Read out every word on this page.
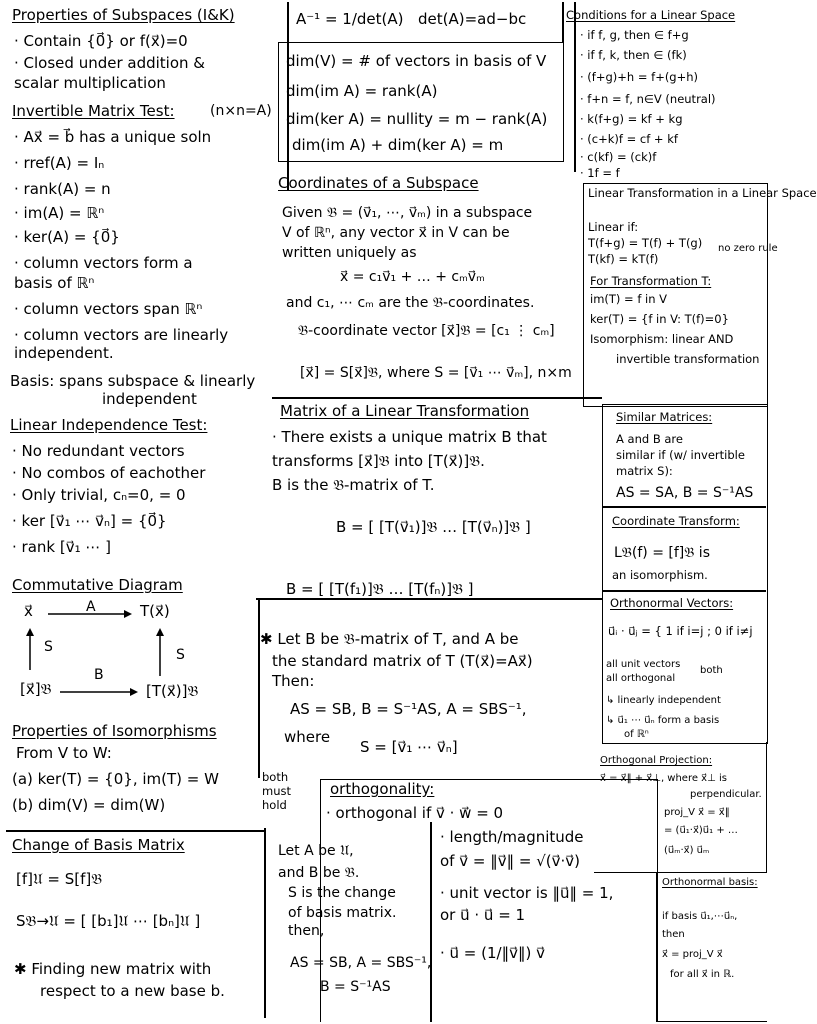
Properties of Subspaces (I&K)
· Contain {0⃗} or f(x⃗)=0
· Closed under addition &
scalar multiplication
A⁻¹ = 1/det(A) det(A)=ad−bc
dim(V) = # of vectors in basis of V
dim(im A) = rank(A)
dim(ker A) = nullity = m − rank(A)
dim(im A) + dim(ker A) = m
Conditions for a Linear Space
· if f, g, then ∈ f+g
· if f, k, then ∈ (fk)
· (f+g)+h = f+(g+h)
· f+n = f, n∈V (neutral)
· k(f+g) = kf + kg
· (c+k)f = cf + kf
· c(kf) = (ck)f
· 1f = f
Invertible Matrix Test:	(n×n=A)
· Ax⃗ = b⃗ has a unique soln
· rref(A) = Iₙ
· rank(A) = n
· im(A) = ℝⁿ
· ker(A) = {0⃗}
· column vectors form a
basis of ℝⁿ
· column vectors span ℝⁿ
· column vectors are linearly
independent.
Coordinates of a Subspace
Given 𝔅 = (v⃗₁, ⋯, v⃗ₘ) in a subspace
V of ℝⁿ, any vector x⃗ in V can be
written uniquely as
x⃗ = c₁v⃗₁ + … + cₘv⃗ₘ
and c₁, ⋯ cₘ are the 𝔅-coordinates.
𝔅-coordinate vector [x⃗]𝔅 = [c₁ ⋮ cₘ]
[x⃗] = S[x⃗]𝔅, where S = [v⃗₁ ⋯ v⃗ₘ], n×m
Linear Transformation in a Linear Space
Linear if:
T(f+g) = T(f) + T(g)
T(kf) = kT(f)
no zero rule
For Transformation T:
im(T) = f in V
ker(T) = {f in V: T(f)=0}
Isomorphism: linear AND
invertible transformation
Basis: spans subspace & linearly
independent
Linear Independence Test:
· No redundant vectors
· No combos of eachother
· Only trivial, cₙ=0, = 0
· ker [v⃗₁ ⋯ v⃗ₙ] = {0⃗}
· rank [v⃗₁ ⋯ ]
Matrix of a Linear Transformation
· There exists a unique matrix B that
transforms [x⃗]𝔅 into [T(x⃗)]𝔅.
B is the 𝔅-matrix of T.
B = [ [T(v⃗₁)]𝔅 … [T(v⃗ₙ)]𝔅 ]
B = [ [T(f₁)]𝔅 … [T(fₙ)]𝔅 ]
Similar Matrices:
A and B are
similar if (w/ invertible
matrix S):
AS = SA, B = S⁻¹AS
Coordinate Transform:
L𝔅(f) = [f]𝔅 is
an isomorphism.
Commutative Diagram
x⃗	T(x⃗)
[x⃗]𝔅	[T(x⃗)]𝔅
A
B
S	S
✱ Let B be 𝔅-matrix of T, and A be
the standard matrix of T (T(x⃗)=Ax⃗)
Then:
AS = SB, B = S⁻¹AS, A = SBS⁻¹,
where
S = [v⃗₁ ⋯ v⃗ₙ]
Orthonormal Vectors:
u⃗ᵢ · u⃗ⱼ = { 1 if i=j ; 0 if i≠j
all unit vectors
all orthogonal
both
↳ linearly independent
↳ u⃗₁ ⋯ u⃗ₙ form a basis
of ℝⁿ
Properties of Isomorphisms
From V to W:
(a) ker(T) = {0}, im(T) = W
(b) dim(V) = dim(W)
both
must
hold
orthogonality:
· orthogonal if v⃗ · w⃗ = 0
· length/magnitude
of v⃗ = ‖v⃗‖ = √(v⃗·v⃗)
· unit vector is ‖u⃗‖ = 1,
or u⃗ · u⃗ = 1
· u⃗ = (1/‖v⃗‖) v⃗
Orthogonal Projection:
x⃗ = x⃗‖ + x⃗⊥, where x⃗⊥ is
perpendicular.
proj_V x⃗ = x⃗‖
= (u⃗₁·x⃗)u⃗₁ + …
(u⃗ₘ·x⃗) u⃗ₘ
Change of Basis Matrix
[f]𝔘 = S[f]𝔅
S𝔅→𝔘 = [ [b₁]𝔘 ⋯ [bₙ]𝔘 ]
✱ Finding new matrix with
respect to a new base b.
Let A be 𝔘,
and B be 𝔅.
S is the change
of basis matrix.
then,
AS = SB, A = SBS⁻¹,
B = S⁻¹AS
Orthonormal basis:
if basis u⃗₁,⋯u⃗ₙ,
then
x⃗ = proj_V x⃗
for all x⃗ in ℝ.
